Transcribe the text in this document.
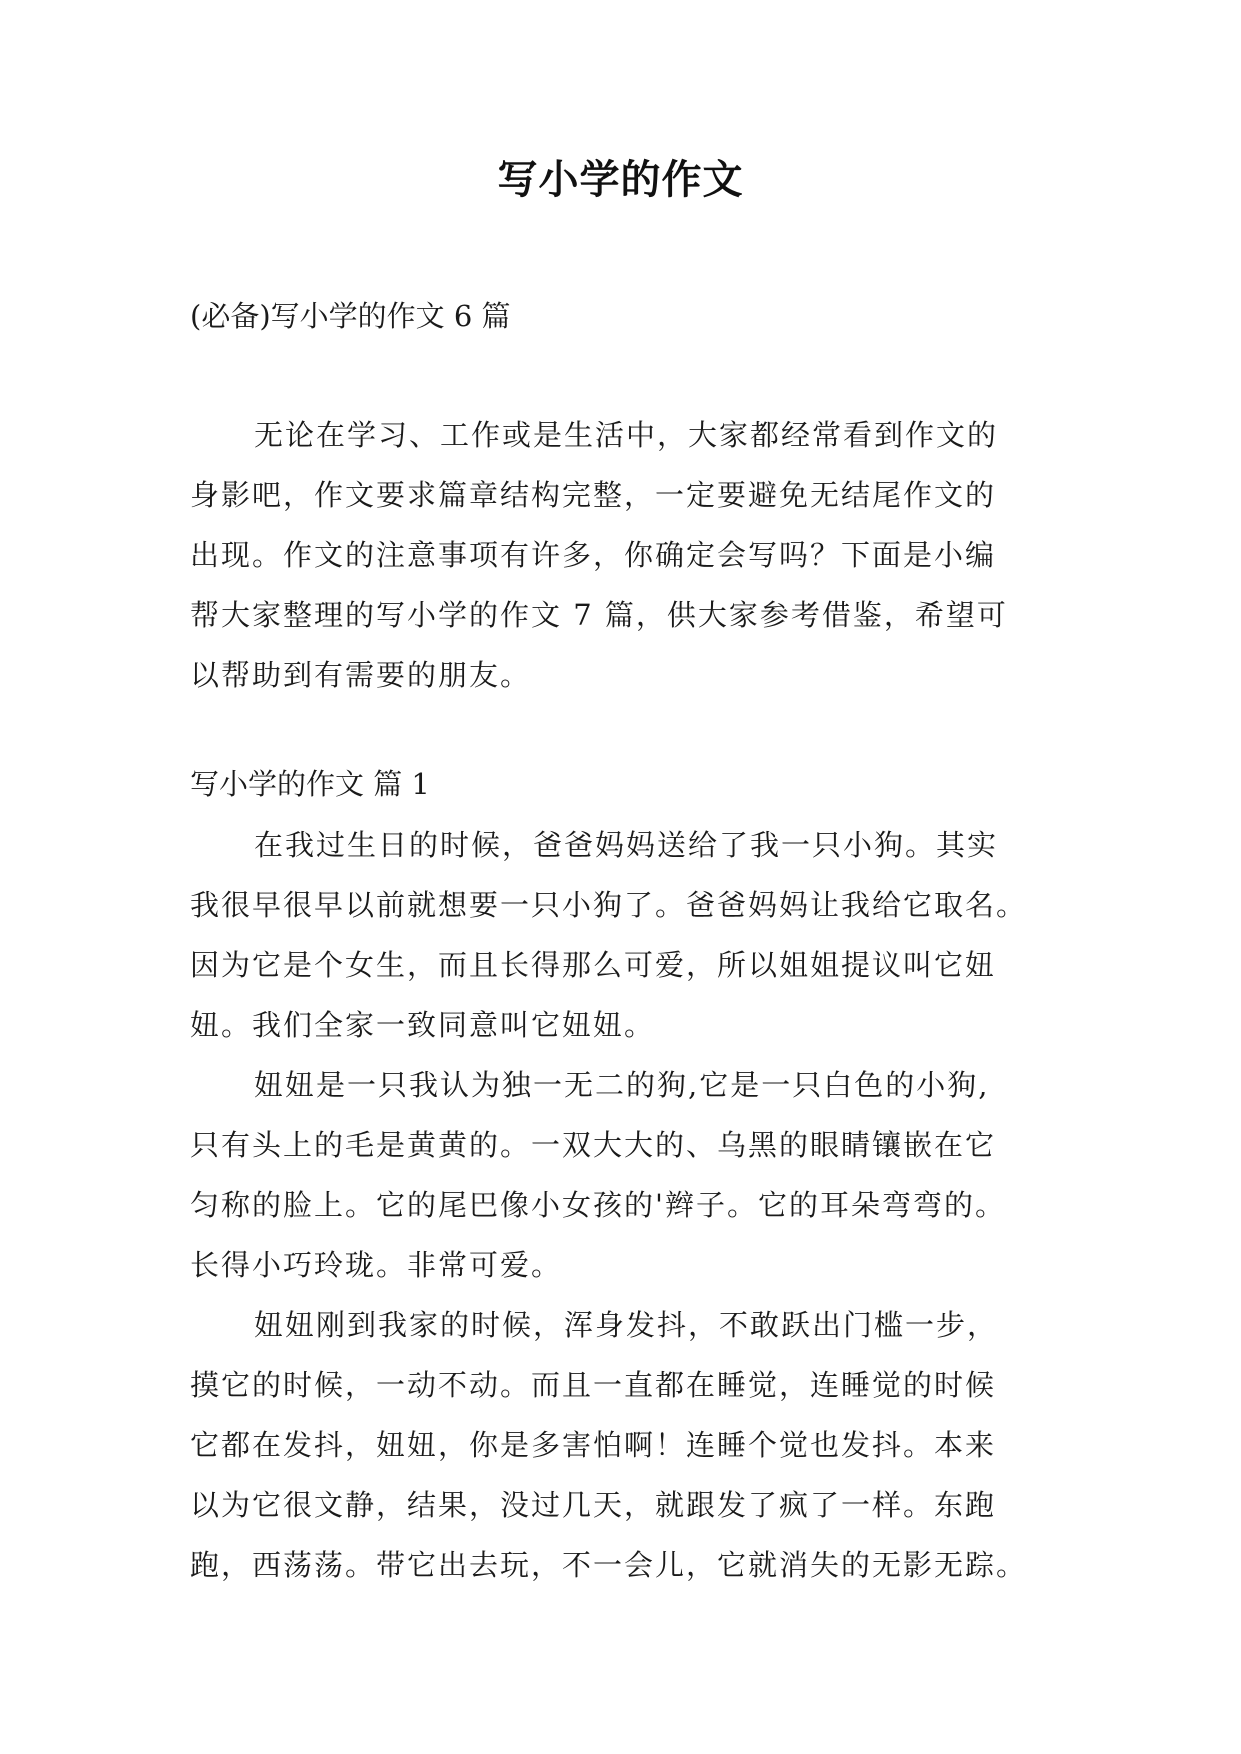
写小学的作文
(必备)写小学的作文 6 篇
无论在学习、工作或是生活中，大家都经常看到作文的
身影吧，作文要求篇章结构完整，一定要避免无结尾作文的
出现。作文的注意事项有许多，你确定会写吗？下面是小编
帮大家整理的写小学的作文 7 篇，供大家参考借鉴，希望可
以帮助到有需要的朋友。
写小学的作文 篇 1
在我过生日的时候，爸爸妈妈送给了我一只小狗。其实
我很早很早以前就想要一只小狗了。爸爸妈妈让我给它取名。
因为它是个女生，而且长得那么可爱，所以姐姐提议叫它妞
妞。我们全家一致同意叫它妞妞。
妞妞是一只我认为独一无二的狗,它是一只白色的小狗,
只有头上的毛是黄黄的。一双大大的、乌黑的眼睛镶嵌在它
匀称的脸上。它的尾巴像小女孩的'辫子。它的耳朵弯弯的。
长得小巧玲珑。非常可爱。
妞妞刚到我家的时候，浑身发抖，不敢跃出门槛一步，
摸它的时候，一动不动。而且一直都在睡觉，连睡觉的时候
它都在发抖，妞妞，你是多害怕啊！连睡个觉也发抖。本来
以为它很文静，结果，没过几天，就跟发了疯了一样。东跑
跑，西荡荡。带它出去玩，不一会儿，它就消失的无影无踪。
